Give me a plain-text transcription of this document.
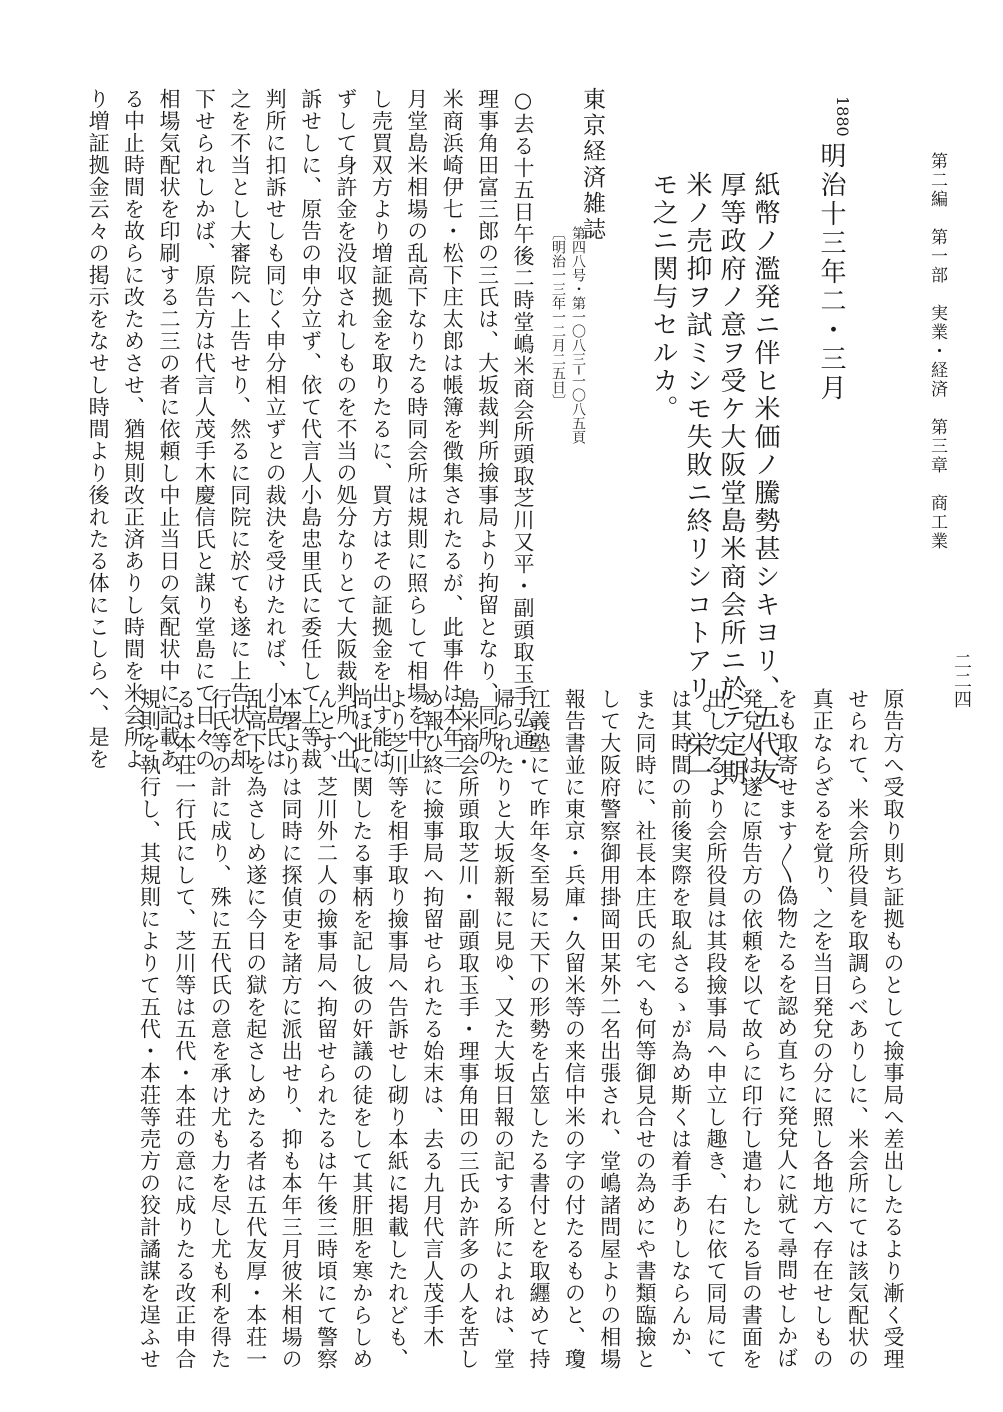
第二編　第一部　実業・経済　第三章　商工業
二二四
1880
明治十三年二・三月

紙幣ノ濫発ニ伴ヒ米価ノ騰勢甚シキヨリ、五代友

厚等政府ノ意ヲ受ケ大阪堂島米商会所ニ於テ定期

米ノ売抑ヲ試ミシモ失敗ニ終リシコトアリ。栄一

モ之ニ関与セルカ。

東京経済雑誌

第四八号・第一〇八三─一〇八五頁

〔明治一三年一二月二五日〕

○去る十五日午後二時堂嶋米商会所頭取芝川又平・副頭取玉手弘通・

理事角田富三郎の三氏は、大坂裁判所撿事局より拘留となり、同所の

米商浜崎伊七・松下庄太郎は帳簿を徴集されたるが、此事件は本年三

月堂島米相場の乱高下なりたる時同会所は規則に照らして相場を中止

し売買双方より増証拠金を取りたるに、買方はその証拠金を出す能は

ずして身許金を没収されしものを不当の処分なりとて大阪裁判所へ出

訴せしに、原告の申分立ず、依て代言人小島忠里氏に委任して上等裁

判所に扣訴せしも同じく申分相立ずとの裁決を受けたれば、小島氏は

之を不当とし大審院へ上告せり、然るに同院に於ても遂に上告状を却

下せられしかば、原告方は代言人茂手木慶信氏と謀り堂島にて日々の

相場気配状を印刷する二三の者に依頼し中止当日の気配状中に記載あ

る中止時間を故らに改ためさせ、猶規則改正済ありし時間を米会所よ

り増証拠金云々の掲示をなせし時間より後れたる体にこしらへ、是を

原告方へ受取り則ち証拠ものとして撿事局へ差出したるより漸く受理

せられて、米会所役員を取調らべありしに、米会所にては該気配状の

真正ならざるを覚り、之を当日発兌の分に照し各地方へ存在せしもの

をも取寄せます〳〵偽物たるを認め直ちに発兌人に就て尋問せしかば

発兌人は遂に原告方の依頼を以て故らに印行し遣わしたる旨の書面を

出したるより会所役員は其段撿事局へ申立し趣き、右に依て同局にて

は其時間の前後実際を取糺さるゝが為め斯くは着手ありしならんか、

また同時に、社長本庄氏の宅へも何等御見合せの為めにや書類臨撿と

して大阪府警察御用掛岡田某外二名出張され、堂嶋諸問屋よりの相場

報告書並に東京・兵庫・久留米等の来信中米の字の付たるものと、瓊

江義塾にて昨年冬至易に天下の形勢を占筮したる書付とを取纒めて持

帰られたりと大坂新報に見ゆ、又た大坂日報の記する所によれは、堂

島米商会所頭取芝川・副頭取玉手・理事角田の三氏か許多の人を苦し

め報ひ終に撿事局へ拘留せられたる始末は、去る九月代言人茂手木

より芝川等を相手取り撿事局へ告訴せし砌り本紙に掲載したれども、

尚ほ此に関したる事柄を記し彼の奸議の徒をして其肝胆を寒からしめ

んとす、芝川外二人の撿事局へ拘留せられたるは午後三時頃にて警察

本署よりは同時に探偵吏を諸方に派出せり、抑も本年三月彼米相場の

乱高下を為さしめ遂に今日の獄を起さしめたる者は五代友厚・本荘一

行氏等の計に成り、殊に五代氏の意を承け尤も力を尽し尤も利を得た

るは本荘一行氏にして、芝川等は五代・本荘の意に成りたる改正申合

規則を執行し、其規則によりて五代・本荘等売方の狡計譎謀を逞ふせ
